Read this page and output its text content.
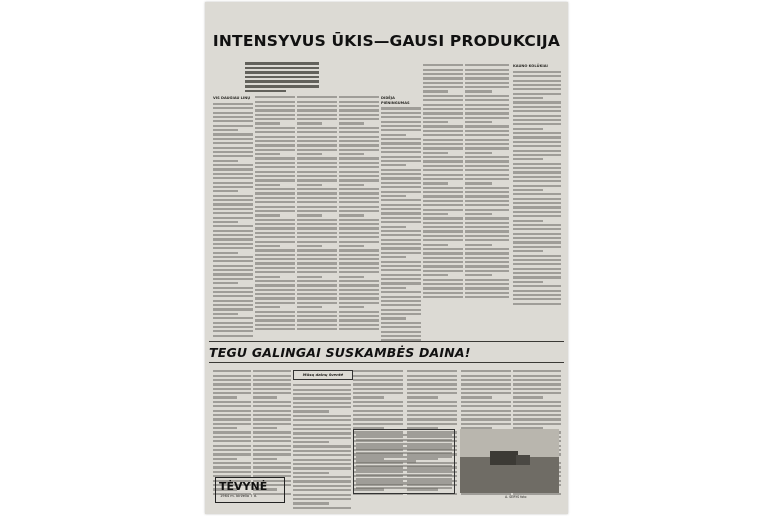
INTENSYVUS ŪKIS—GAUSI PRODUKCIJA
VIS DAUGIAU LINŲ	DIDĖJA PIENINGUMAS
KAUNO KOLŪKIAI
TEGU GALINGAI SUSKAMBĖS DAINA!
Mūsų dainų šventė
A. ŠERYS foto
TĖVYNĖ
1964 m. birželio 7 d.
